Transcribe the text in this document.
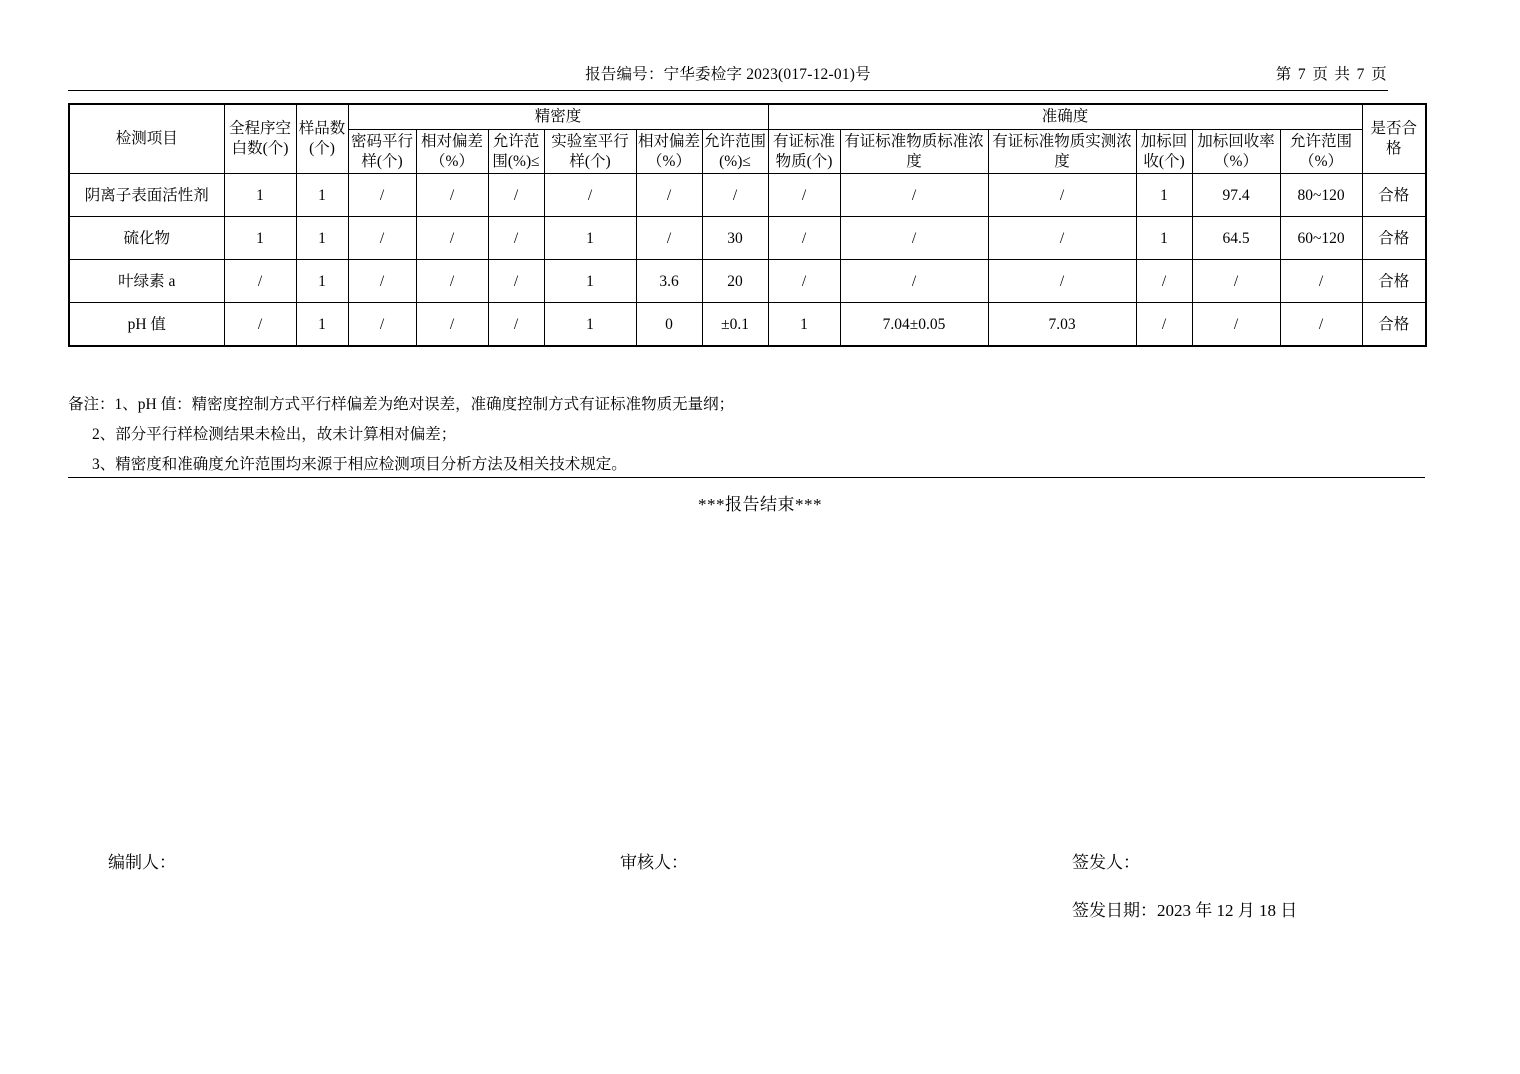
报告编号：宁华委检字 2023(017-12-01)号	第 7 页 共 7 页
检测项目	全程序空白数(个)	样品数(个)	精密度						准确度						是否合格
			密码平行样(个)	相对偏差（%）	允许范围(%)≤	实验室平行样(个)	相对偏差（%）	允许范围(%)≤	有证标准物质(个)	有证标准物质标准浓度	有证标准物质实测浓度	加标回收(个)	加标回收率（%）	允许范围（%）	
阴离子表面活性剂	1	1	/	/	/	/	/	/	/	/	/	1	97.4	80~120	合格
硫化物	1	1	/	/	/	1	/	30	/	/	/	1	64.5	60~120	合格
叶绿素 a	/	1	/	/	/	1	3.6	20	/	/	/	/	/	/	合格
pH 值	/	1	/	/	/	1	0	±0.1	1	7.04±0.05	7.03	/	/	/	合格
备注：1、pH 值：精密度控制方式平行样偏差为绝对误差，准确度控制方式有证标准物质无量纲；
2、部分平行样检测结果未检出，故未计算相对偏差；
3、精密度和准确度允许范围均来源于相应检测项目分析方法及相关技术规定。
***报告结束***
编制人：	审核人：	签发人：
签发日期：2023 年 12 月 18 日
